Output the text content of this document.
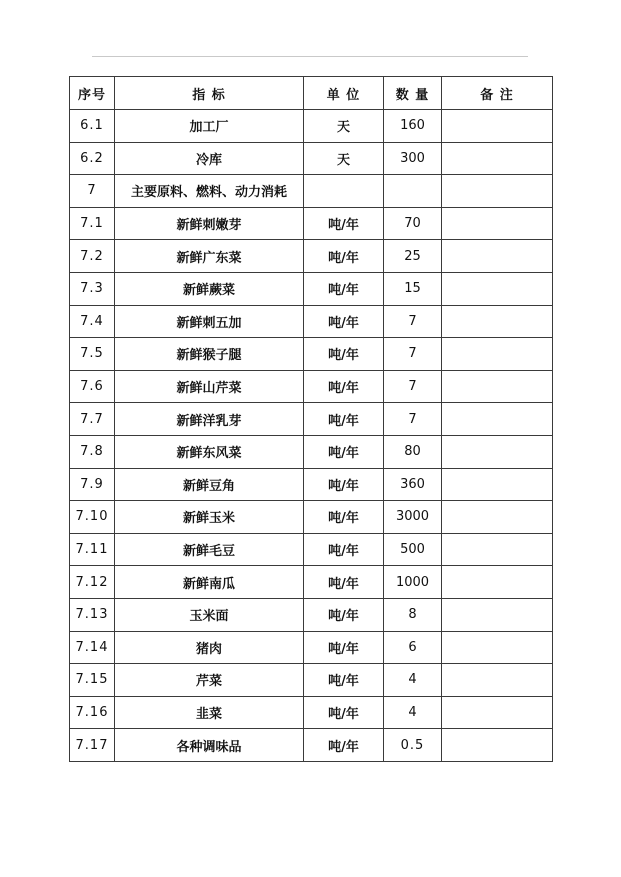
序号	指 标	单 位	数 量	备 注
6.1	加工厂	天	160	
6.2	冷库	天	300	
7	主要原料、燃料、动力消耗			
7.1	新鲜刺嫩芽	吨/年	70	
7.2	新鲜广东菜	吨/年	25	
7.3	新鲜蕨菜	吨/年	15	
7.4	新鲜刺五加	吨/年	7	
7.5	新鲜猴子腿	吨/年	7	
7.6	新鲜山芹菜	吨/年	7	
7.7	新鲜洋乳芽	吨/年	7	
7.8	新鲜东风菜	吨/年	80	
7.9	新鲜豆角	吨/年	360	
7.10	新鲜玉米	吨/年	3000	
7.11	新鲜毛豆	吨/年	500	
7.12	新鲜南瓜	吨/年	1000	
7.13	玉米面	吨/年	8	
7.14	猪肉	吨/年	6	
7.15	芹菜	吨/年	4	
7.16	韭菜	吨/年	4	
7.17	各种调味品	吨/年	0.5	
